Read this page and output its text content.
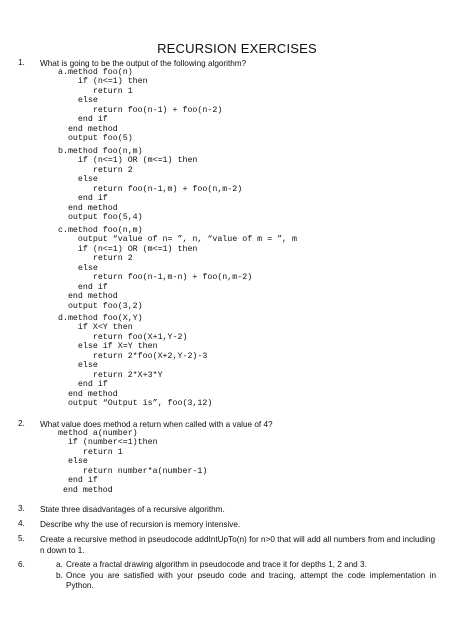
RECURSION EXERCISES
1.	What is going to be the output of the following algorithm?
a.method foo(n)
if (n<=1) then
return 1
else
return foo(n-1) + foo(n-2)
end if
end method
output foo(5)
b.method foo(n,m)
if (n<=1) OR (m<=1) then
return 2
else
return foo(n-1,m) + foo(n,m-2)
end if
end method
output foo(5,4)
c.method foo(n,m)
output “value of n= ”, n, “value of m = ”, m
if (n<=1) OR (m<=1) then
return 2
else
return foo(n-1,m-n) + foo(n,m-2)
end if
end method
output foo(3,2)
d.method foo(X,Y)
if X<Y then
return foo(X+1,Y-2)
else if X=Y then
return 2*foo(X+2,Y-2)-3
else
return 2*X+3*Y
end if
end method
output “Output is”, foo(3,12)
2.	What value does method a return when called with a value of 4?
method a(number)
if (number<=1)then
return 1
else
return number*a(number-1)
end if
end method
3.	State three disadvantages of a recursive algorithm.
4.	Describe why the use of recursion is memory intensive.
5.	Create a recursive method in pseudocode addIntUpTo(n) for n>0 that will add all numbers from and including n down to 1.
6.	a. Create a fractal drawing algorithm in pseudocode and trace it for depths 1, 2 and 3.
b. Once you are satisfied with your pseudo code and tracing, attempt the code implementation in Python.
